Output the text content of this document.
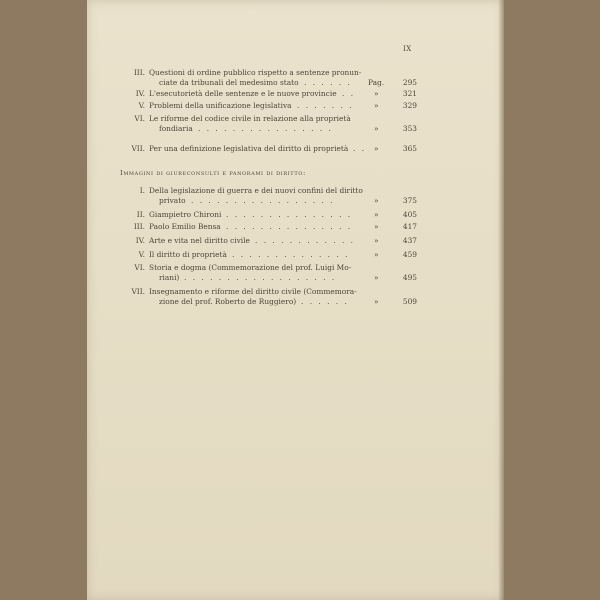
IX
III. Questioni di ordine pubblico rispetto a sentenze pronun-
ciate da tribunali del medesimo stato	Pag.	295
. . . . . .
IV. L'esecutorietà delle sentenze e le nuove provincie	»	321
. .
V. Problemi della unificazione legislativa	»	329
. . . . . . .
VI. Le riforme del codice civile in relazione alla proprietà
fondiaria	»	353
. . . . . . . . . . . . . . . .
VII. Per una definizione legislativa del diritto di proprietà	»	365
. .
Immagini di giureconsulti e panorami di diritto:
I. Della legislazione di guerra e dei nuovi confini del diritto
privato	»	375
. . . . . . . . . . . . . . . . .
II. Giampietro Chironi	»	405
. . . . . . . . . . . . . . .
III. Paolo Emilio Bensa	»	417
. . . . . . . . . . . . . . .
IV. Arte e vita nel diritto civile	»	437
. . . . . . . . . . . .
V. Il diritto di proprietà	»	459
. . . . . . . . . . . . . .
VI. Storia e dogma (Commemorazione del prof. Luigi Mo-
riani)	»	495
. . . . . . . . . . . . . . . . . .
VII. Insegnamento e riforme del diritto civile (Commemora-
zione del prof. Roberto de Ruggiero)	»	509
. . . . . .
